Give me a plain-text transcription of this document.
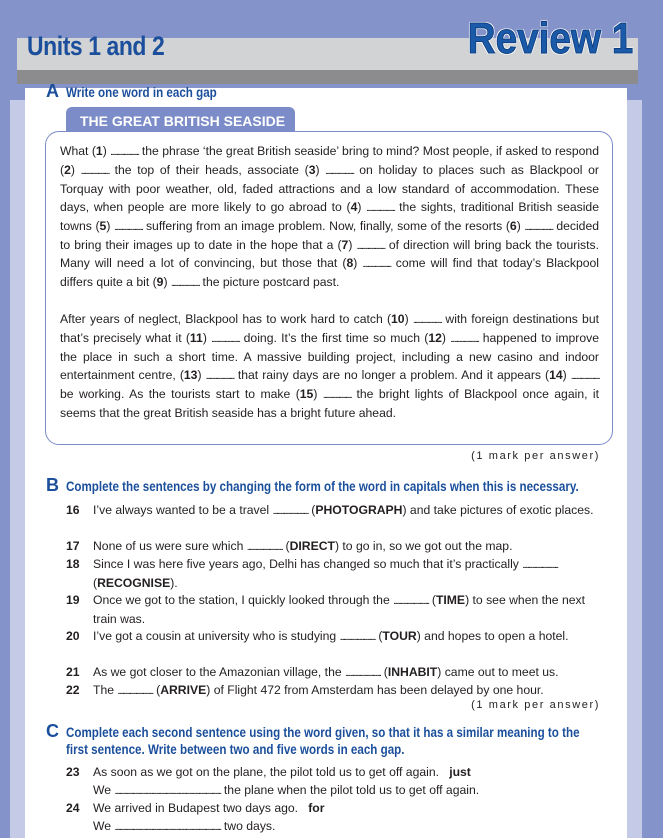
Units 1 and 2	Review 1
A Write one word in each gap
THE GREAT BRITISH SEASIDE
What (1) ........................ the phrase ‘the great British seaside’ bring to mind? Most people, if asked to respond (2) ........................ the top of their heads, associate (3) ........................ on holiday to places such as Blackpool or Torquay with poor weather, old, faded attractions and a low standard of accommodation. These days, when people are more likely to go abroad to (4) ........................ the sights, traditional British seaside towns (5) ........................ suffering from an image problem. Now, finally, some of the resorts (6) ........................ decided to bring their images up to date in the hope that a (7) ........................ of direction will bring back the tourists. Many will need a lot of convincing, but those that (8) ........................ come will find that today’s Blackpool differs quite a bit (9) ........................ the picture postcard past.
After years of neglect, Blackpool has to work hard to catch (10) ........................ with foreign destinations but that’s precisely what it (11) ........................ doing. It’s the first time so much (12) ........................ happened to improve the place in such a short time. A massive building project, including a new casino and indoor entertainment centre, (13) ........................ that rainy days are no longer a problem. And it appears (14) ........................ be working. As the tourists start to make (15) ........................ the bright lights of Blackpool once again, it seems that the great British seaside has a bright future ahead.
(1 mark per answer)
B Complete the sentences by changing the form of the word in capitals when this is necessary.
16 I’ve always wanted to be a travel .............................. (PHOTOGRAPH) and take pictures of exotic places.
17 None of us were sure which .............................. (DIRECT) to go in, so we got out the map.
18 Since I was here five years ago, Delhi has changed so much that it’s practically .............................. (RECOGNISE).
19 Once we got to the station, I quickly looked through the .............................. (TIME) to see when the next train was.
20 I’ve got a cousin at university who is studying .............................. (TOUR) and hopes to open a hotel.
21 As we got closer to the Amazonian village, the .............................. (INHABIT) came out to meet us.
22 The .............................. (ARRIVE) of Flight 472 from Amsterdam has been delayed by one hour.
(1 mark per answer)
C Complete each second sentence using the word given, so that it has a similar meaning to the first sentence. Write between two and five words in each gap.
23 As soon as we got on the plane, the pilot told us to get off again. just
We .......................................................................................... the plane when the pilot told us to get off again.
24 We arrived in Budapest two days ago. for
We .......................................................................................... two days.
